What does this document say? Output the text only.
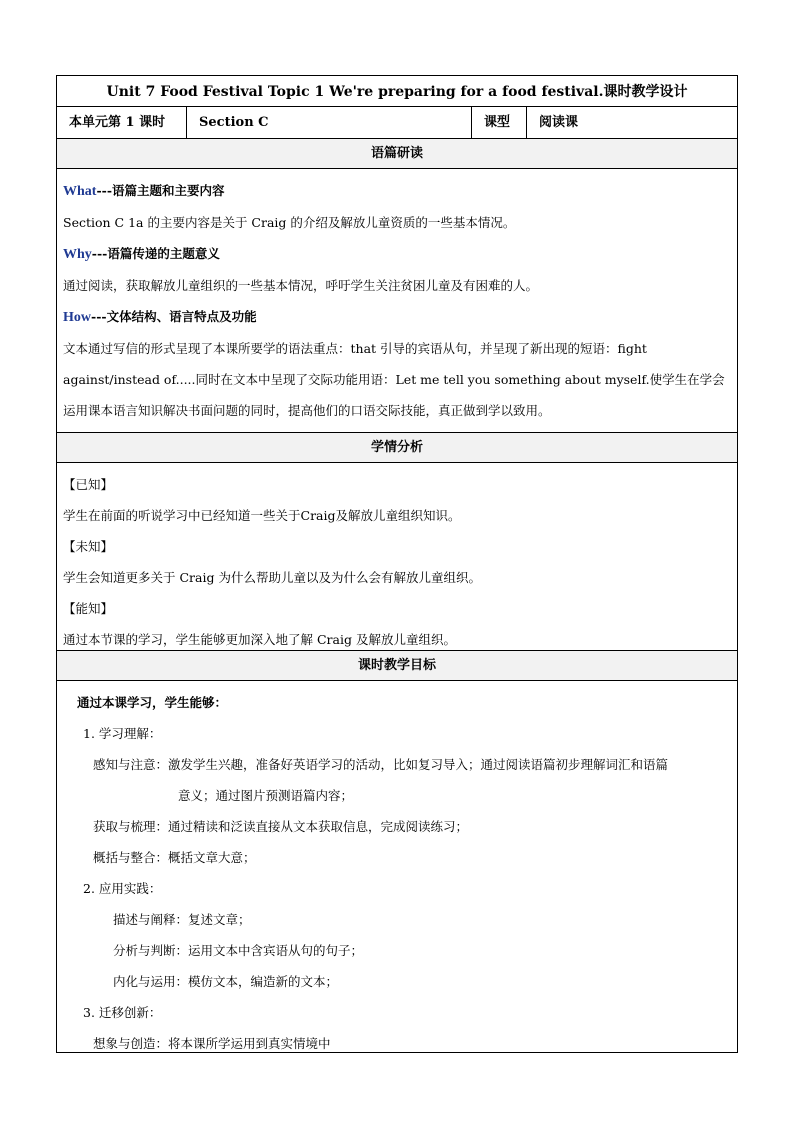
Unit 7 Food Festival Topic 1 We're preparing for a food festival.课时教学设计
本单元第 1 课时	Section C	课型	阅读课
语篇研读
What---语篇主题和主要内容
Section C 1a 的主要内容是关于 Craig 的介绍及解放儿童资质的一些基本情况。
Why---语篇传递的主题意义
通过阅读，获取解放儿童组织的一些基本情况，呼吁学生关注贫困儿童及有困难的人。
How---文体结构、语言特点及功能
文本通过写信的形式呈现了本课所要学的语法重点：that 引导的宾语从句，并呈现了新出现的短语：fight against/instead of.....同时在文本中呈现了交际功能用语：Let me tell you something about myself.使学生在学会运用课本语言知识解决书面问题的同时，提高他们的口语交际技能，真正做到学以致用。
学情分析
【已知】
学生在前面的听说学习中已经知道一些关于Craig及解放儿童组织知识。
【未知】
学生会知道更多关于 Craig 为什么帮助儿童以及为什么会有解放儿童组织。
【能知】
通过本节课的学习，学生能够更加深入地了解 Craig 及解放儿童组织。
课时教学目标
通过本课学习，学生能够：
1. 学习理解：
感知与注意：激发学生兴趣，准备好英语学习的活动，比如复习导入；通过阅读语篇初步理解词汇和语篇
意义；通过图片预测语篇内容；
获取与梳理：通过精读和泛读直接从文本获取信息，完成阅读练习；
概括与整合：概括文章大意；
2. 应用实践：
描述与阐释：复述文章；
分析与判断：运用文本中含宾语从句的句子；
内化与运用：模仿文本，编造新的文本；
3. 迁移创新：
想象与创造：将本课所学运用到真实情境中
